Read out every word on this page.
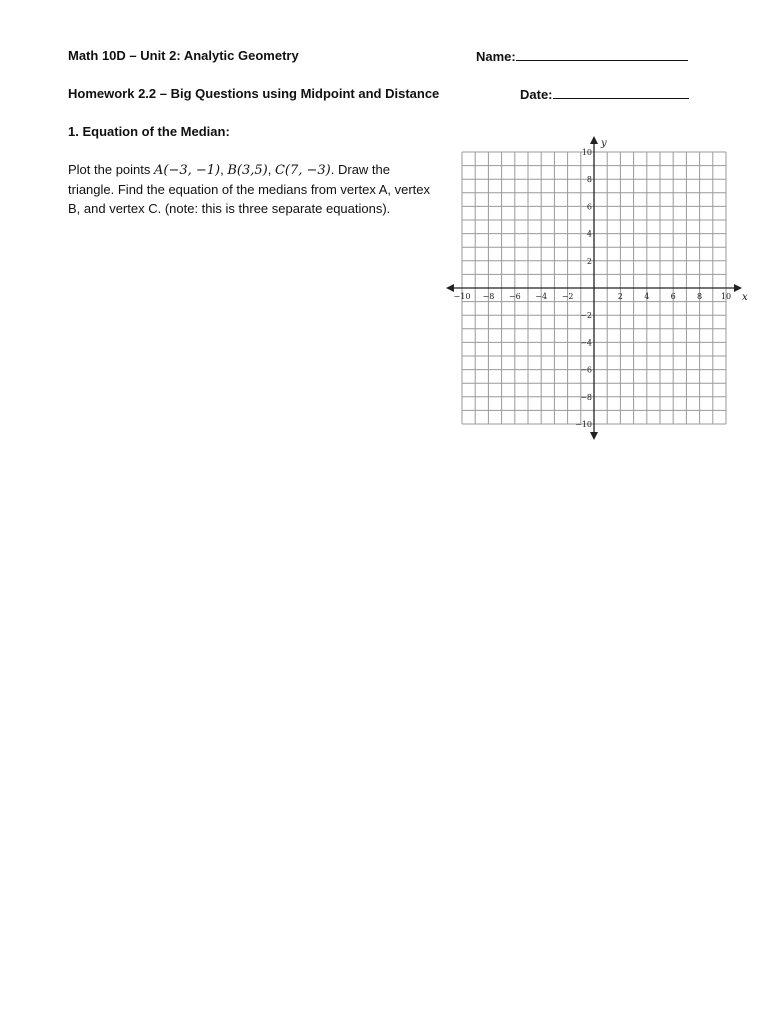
Math 10D – Unit 2: Analytic Geometry	Name:
Homework 2.2 – Big Questions using Midpoint and Distance	Date:
1. Equation of the Median:
Plot the points A(−3, −1), B(3,5), C(7, −3). Draw the triangle. Find the equation of the medians from vertex A, vertex B, and vertex C. (note: this is three separate equations).
x
y
−10 −8 −6 −4 −2	2	4	6	8 10
10
8
6
4
2
−2
−4
−6
−8
−10
